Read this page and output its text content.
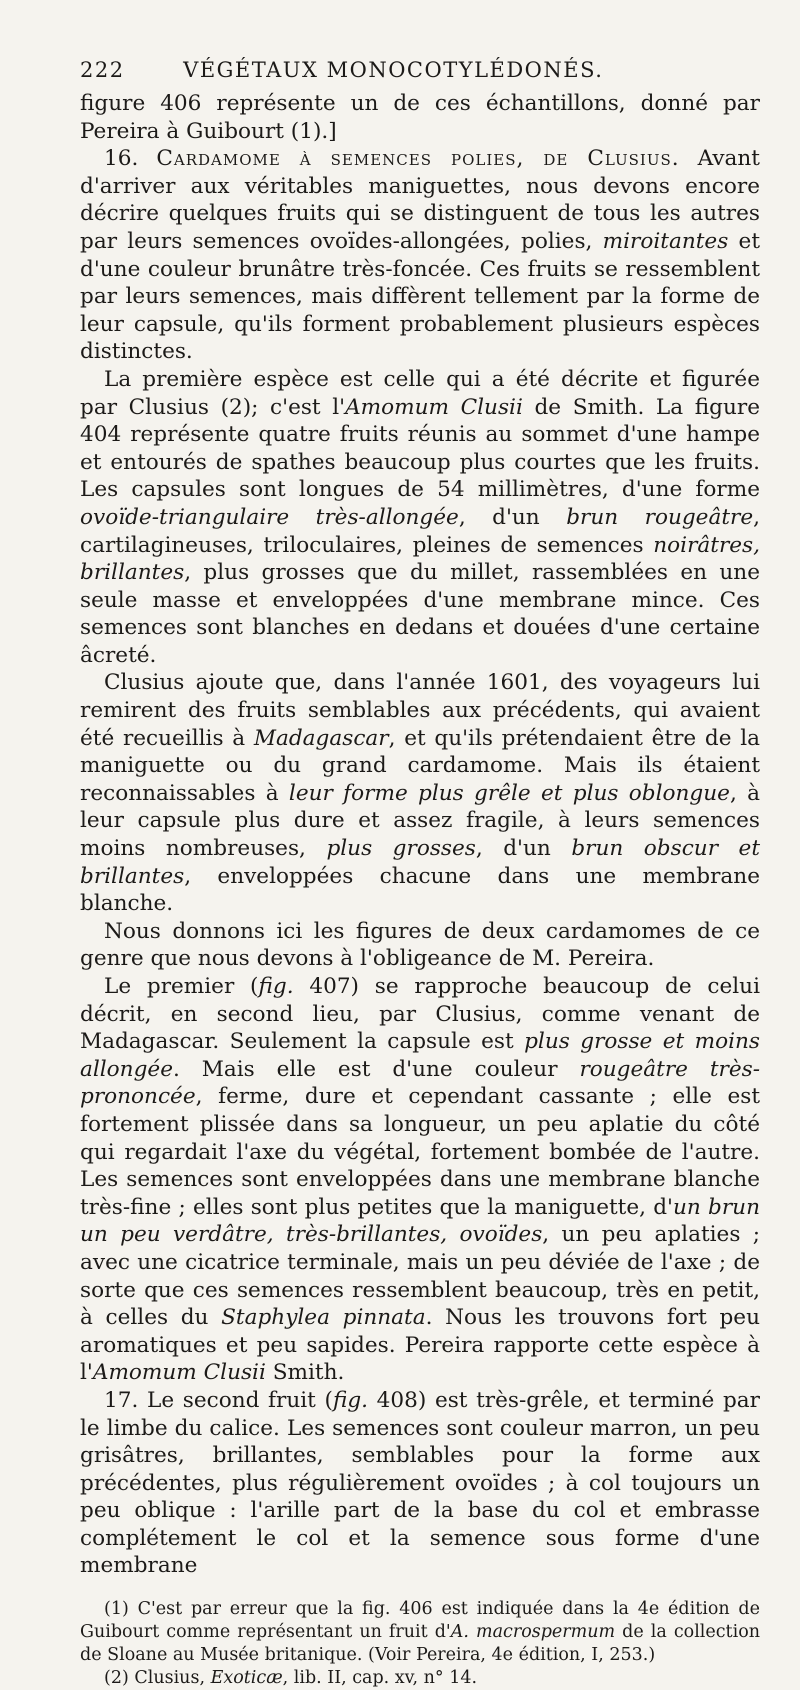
222	VÉGÉTAUX MONOCOTYLÉDONÉS.

figure 406 représente un de ces échantillons, donné par Pereira à Guibourt (1).]

16. Cardamome à semences polies, de Clusius. Avant d'arriver aux véritables maniguettes, nous devons encore décrire quelques fruits qui se distinguent de tous les autres par leurs semences ovoïdes-allongées, polies, miroitantes et d'une couleur brunâtre très-foncée. Ces fruits se ressemblent par leurs semences, mais diffèrent tellement par la forme de leur capsule, qu'ils forment probablement plusieurs espèces distinctes.

La première espèce est celle qui a été décrite et figurée par Clusius (2); c'est l'Amomum Clusii de Smith. La figure 404 représente quatre fruits réunis au sommet d'une hampe et entourés de spathes beaucoup plus courtes que les fruits. Les capsules sont longues de 54 millimètres, d'une forme ovoïde-triangulaire très-allongée, d'un brun rougeâtre, cartilagineuses, triloculaires, pleines de semences noirâtres, brillantes, plus grosses que du millet, rassemblées en une seule masse et enveloppées d'une membrane mince. Ces semences sont blanches en dedans et douées d'une certaine âcreté.

Clusius ajoute que, dans l'année 1601, des voyageurs lui remirent des fruits semblables aux précédents, qui avaient été recueillis à Madagascar, et qu'ils prétendaient être de la maniguette ou du grand cardamome. Mais ils étaient reconnaissables à leur forme plus grêle et plus oblongue, à leur capsule plus dure et assez fragile, à leurs semences moins nombreuses, plus grosses, d'un brun obscur et brillantes, enveloppées chacune dans une membrane blanche.

Nous donnons ici les figures de deux cardamomes de ce genre que nous devons à l'obligeance de M. Pereira.

Le premier (fig. 407) se rapproche beaucoup de celui décrit, en second lieu, par Clusius, comme venant de Madagascar. Seulement la capsule est plus grosse et moins allongée. Mais elle est d'une couleur rougeâtre très-prononcée, ferme, dure et cependant cassante ; elle est fortement plissée dans sa longueur, un peu aplatie du côté qui regardait l'axe du végétal, fortement bombée de l'autre. Les semences sont enveloppées dans une membrane blanche très-fine ; elles sont plus petites que la maniguette, d'un brun un peu verdâtre, très-brillantes, ovoïdes, un peu aplaties ; avec une cicatrice terminale, mais un peu déviée de l'axe ; de sorte que ces semences ressemblent beaucoup, très en petit, à celles du Staphylea pinnata. Nous les trouvons fort peu aromatiques et peu sapides. Pereira rapporte cette espèce à l'Amomum Clusii Smith.

17. Le second fruit (fig. 408) est très-grêle, et terminé par le limbe du calice. Les semences sont couleur marron, un peu grisâtres, brillantes, semblables pour la forme aux précédentes, plus régulièrement ovoïdes ; à col toujours un peu oblique : l'arille part de la base du col et embrasse complétement le col et la semence sous forme d'une membrane

(1) C'est par erreur que la fig. 406 est indiquée dans la 4e édition de Guibourt comme représentant un fruit d'A. macrospermum de la collection de Sloane au Musée britanique. (Voir Pereira, 4e édition, I, 253.)

(2) Clusius, Exoticæ, lib. II, cap. xv, n° 14.
